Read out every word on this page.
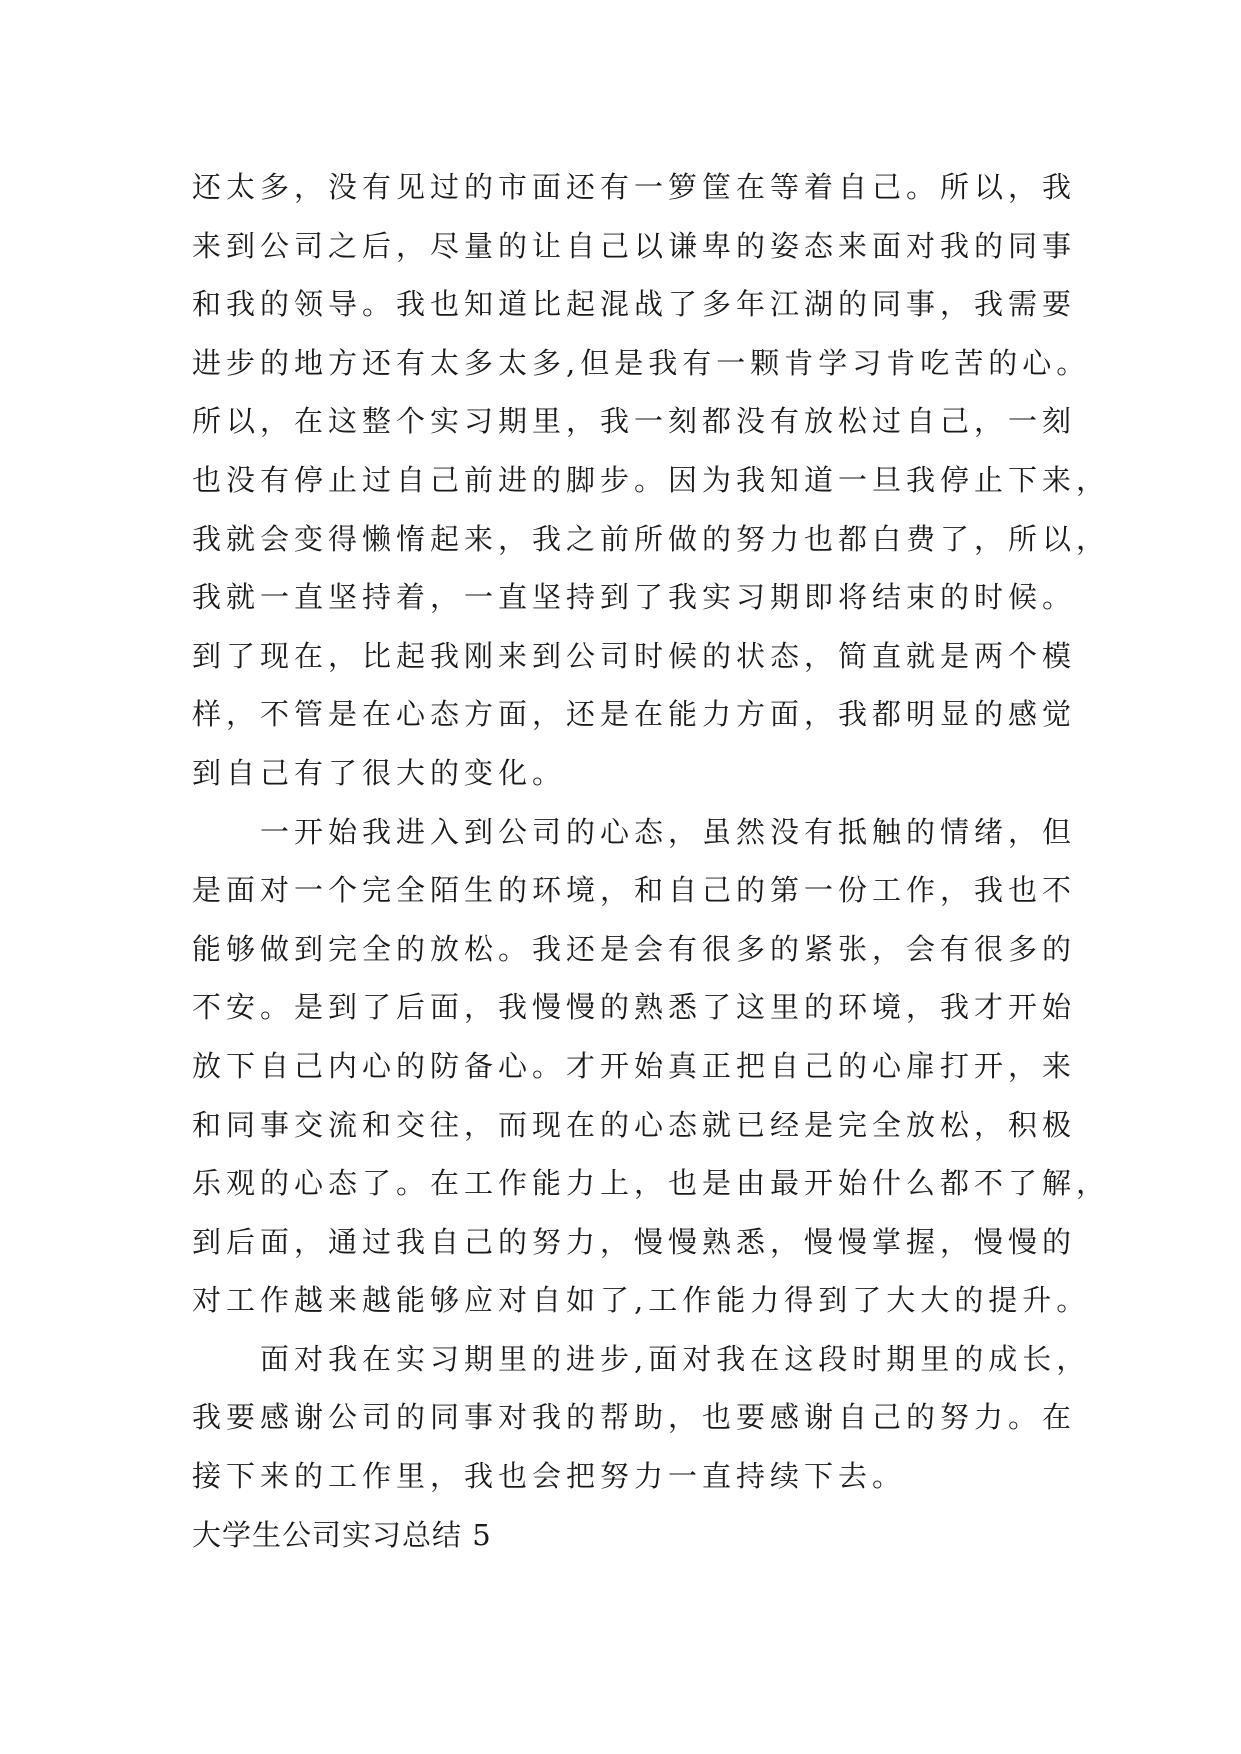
还太多，没有见过的市面还有一箩筐在等着自己。所以，我
来到公司之后，尽量的让自己以谦卑的姿态来面对我的同事
和我的领导。我也知道比起混战了多年江湖的同事，我需要
进步的地方还有太多太多,但是我有一颗肯学习肯吃苦的心。
所以，在这整个实习期里，我一刻都没有放松过自己，一刻
也没有停止过自己前进的脚步。因为我知道一旦我停止下来，
我就会变得懒惰起来，我之前所做的努力也都白费了，所以，
我就一直坚持着，一直坚持到了我实习期即将结束的时候。
到了现在，比起我刚来到公司时候的状态，简直就是两个模
样，不管是在心态方面，还是在能力方面，我都明显的感觉
到自己有了很大的变化。
一开始我进入到公司的心态，虽然没有抵触的情绪，但
是面对一个完全陌生的环境，和自己的第一份工作，我也不
能够做到完全的放松。我还是会有很多的紧张，会有很多的
不安。是到了后面，我慢慢的熟悉了这里的环境，我才开始
放下自己内心的防备心。才开始真正把自己的心扉打开，来
和同事交流和交往，而现在的心态就已经是完全放松，积极
乐观的心态了。在工作能力上，也是由最开始什么都不了解，
到后面，通过我自己的努力，慢慢熟悉，慢慢掌握，慢慢的
对工作越来越能够应对自如了,工作能力得到了大大的提升。
面对我在实习期里的进步,面对我在这段时期里的成长，
我要感谢公司的同事对我的帮助，也要感谢自己的努力。在
接下来的工作里，我也会把努力一直持续下去。
大学生公司实习总结 5
